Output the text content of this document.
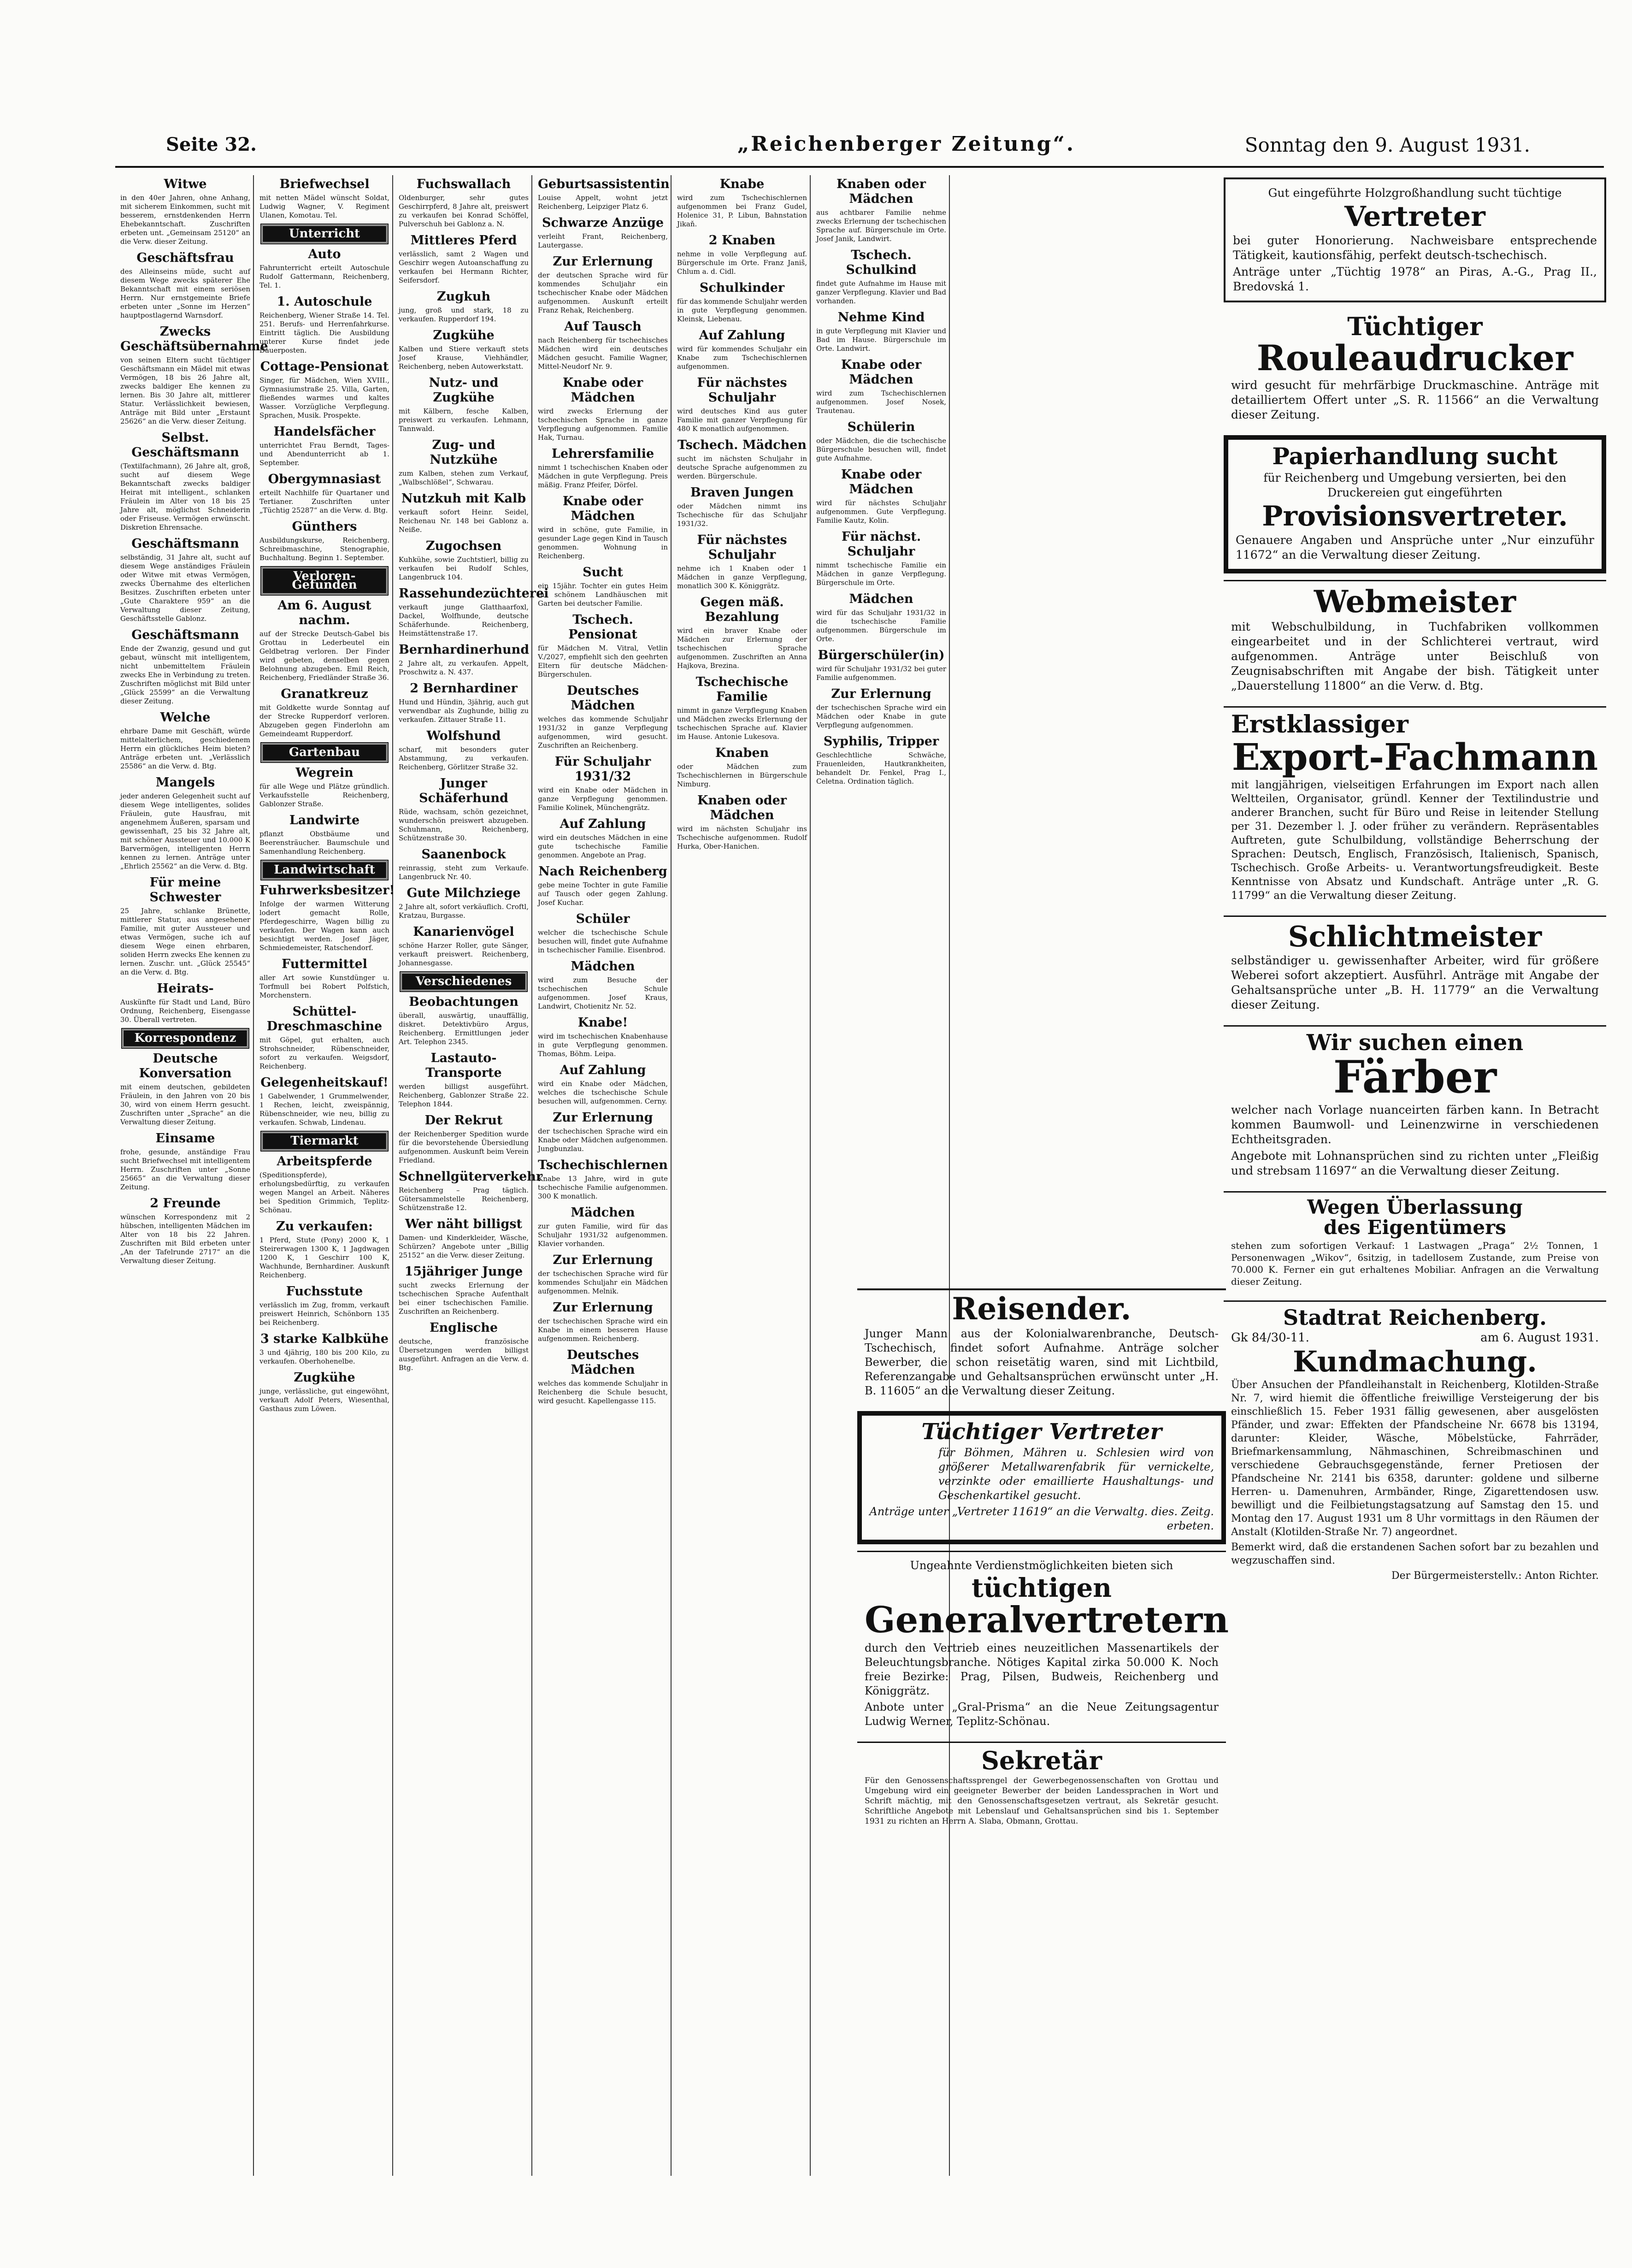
Seite 32.	„Reichenberger Zeitung“.	Sonntag den 9. August 1931.
Witwe
in den 40er Jahren, ohne Anhang, mit sicherem Einkommen, sucht mit besserem, ernstdenkenden Herrn Ehebekanntschaft. Zuschriften erbeten unt. „Gemeinsam 25120“ an die Verw. dieser Zeitung.
Geschäftsfrau
des Alleinseins müde, sucht auf diesem Wege zwecks späterer Ehe Bekanntschaft mit einem seriösen Herrn. Nur ernstgemeinte Briefe erbeten unter „Sonne im Herzen“ hauptpostlagernd Warnsdorf.
Zwecks Geschäftsübernahme
von seinen Eltern sucht tüchtiger Geschäftsmann ein Mädel mit etwas Vermögen, 18 bis 26 Jahre alt, zwecks baldiger Ehe kennen zu lernen. Bis 30 Jahre alt, mittlerer Statur. Verlässlichkeit bewiesen, Anträge mit Bild unter „Erstaunt 25626“ an die Verw. dieser Zeitung.
Selbst. Geschäftsmann
(Textilfachmann), 26 Jahre alt, groß, sucht auf diesem Wege Bekanntschaft zwecks baldiger Heirat mit intelligent., schlanken Fräulein im Alter von 18 bis 25 Jahre alt, möglichst Schneiderin oder Friseuse. Vermögen erwünscht. Diskretion Ehrensache.
Geschäftsmann
selbständig, 31 Jahre alt, sucht auf diesem Wege anständiges Fräulein oder Witwe mit etwas Vermögen, zwecks Übernahme des elterlichen Besitzes. Zuschriften erbeten unter „Gute Charaktere 959“ an die Verwaltung dieser Zeitung, Geschäftsstelle Gablonz.
Geschäftsmann
Ende der Zwanzig, gesund und gut gebaut, wünscht mit intelligentem, nicht unbemitteltem Fräulein zwecks Ehe in Verbindung zu treten. Zuschriften möglichst mit Bild unter „Glück 25599“ an die Verwaltung dieser Zeitung.
Welche
ehrbare Dame mit Geschäft, würde mittelalterlichem, geschiedenem Herrn ein glückliches Heim bieten? Anträge erbeten unt. „Verlässlich 25586“ an die Verw. d. Btg.
Mangels
jeder anderen Gelegenheit sucht auf diesem Wege intelligentes, solides Fräulein, gute Hausfrau, mit angenehmem Äußeren, sparsam und gewissenhaft, 25 bis 32 Jahre alt, mit schöner Aussteuer und 10.000 K Barvermögen, intelligenten Herrn kennen zu lernen. Anträge unter „Ehrlich 25562“ an die Verw. d. Btg.
Für meine Schwester
25 Jahre, schlanke Brünette, mittlerer Statur, aus angesehener Familie, mit guter Aussteuer und etwas Vermögen, suche ich auf diesem Wege einen ehrbaren, soliden Herrn zwecks Ehe kennen zu lernen. Zuschr. unt. „Glück 25545“ an die Verw. d. Btg.
Heirats-
Auskünfte für Stadt und Land, Büro Ordnung, Reichenberg, Eisengasse 30. Überall vertreten.
Korrespondenz
Deutsche Konversation
mit einem deutschen, gebildeten Fräulein, in den Jahren von 20 bis 30, wird von einem Herrn gesucht. Zuschriften unter „Sprache“ an die Verwaltung dieser Zeitung.
Einsame
frohe, gesunde, anständige Frau sucht Briefwechsel mit intelligentem Herrn. Zuschriften unter „Sonne 25665“ an die Verwaltung dieser Zeitung.
2 Freunde
wünschen Korrespondenz mit 2 hübschen, intelligenten Mädchen im Alter von 18 bis 22 Jahren. Zuschriften mit Bild erbeten unter „An der Tafelrunde 2717“ an die Verwaltung dieser Zeitung.
Briefwechsel
mit netten Mädel wünscht Soldat, Ludwig Wagner, V. Regiment Ulanen, Komotau. Tel.
Unterricht
Auto
Fahrunterricht erteilt Autoschule Rudolf Gattermann, Reichenberg, Tel. 1.
1. Autoschule
Reichenberg, Wiener Straße 14. Tel. 251. Berufs- und Herrenfahrkurse. Eintritt täglich. Die Ausbildung unterer Kurse findet jede Dauerposten.
Cottage-Pensionat
Singer, für Mädchen, Wien XVIII., Gymnasiumstraße 25. Villa, Garten, fließendes warmes und kaltes Wasser. Vorzügliche Verpflegung. Sprachen, Musik. Prospekte.
Handelsfächer
unterrichtet Frau Berndt, Tages- und Abendunterricht ab 1. September.
Obergymnasiast
erteilt Nachhilfe für Quartaner und Tertianer. Zuschriften unter „Tüchtig 25287“ an die Verw. d. Btg.
Günthers
Ausbildungskurse, Reichenberg. Schreibmaschine, Stenographie, Buchhaltung. Beginn 1. September.
Verloren-Gefunden
Am 6. August nachm.
auf der Strecke Deutsch-Gabel bis Grottau in Lederbeutel ein Geldbetrag verloren. Der Finder wird gebeten, denselben gegen Belohnung abzugeben. Emil Reich, Reichenberg, Friedländer Straße 36.
Granatkreuz
mit Goldkette wurde Sonntag auf der Strecke Rupperdorf verloren. Abzugeben gegen Finderlohn am Gemeindeamt Rupperdorf.
Gartenbau
Wegrein
für alle Wege und Plätze gründlich. Verkaufsstelle Reichenberg, Gablonzer Straße.
Landwirte
pflanzt Obstbäume und Beerensträucher. Baumschule und Samenhandlung Reichenberg.
Landwirtschaft
Fuhrwerksbesitzer!
Infolge der warmen Witterung lodert gemacht Rolle, Pferdegeschirre, Wagen billig zu verkaufen. Der Wagen kann auch besichtigt werden. Josef Jäger, Schmiedemeister, Ratschendorf.
Futtermittel
aller Art sowie Kunstdünger u. Torfmull bei Robert Polfstich, Morchenstern.
Schüttel-Dreschmaschine
mit Göpel, gut erhalten, auch Strohschneider, Rübenschneider, sofort zu verkaufen. Weigsdorf, Reichenberg.
Gelegenheitskauf!
1 Gabelwender, 1 Grummelwender, 1 Rechen, leicht, zweispännig, Rübenschneider, wie neu, billig zu verkaufen. Schwab, Lindenau.
Tiermarkt
Arbeitspferde
(Speditionspferde), erholungsbedürftig, zu verkaufen wegen Mangel an Arbeit. Näheres bei Spedition Grimmich, Teplitz-Schönau.
Zu verkaufen:
1 Pferd, Stute (Pony) 2000 K, 1 Steirerwagen 1300 K, 1 Jagdwagen 1200 K, 1 Geschirr 100 K, Wachhunde, Bernhardiner. Auskunft Reichenberg.
Fuchsstute
verlässlich im Zug, fromm, verkauft preiswert Heinrich, Schönborn 135 bei Reichenberg.
3 starke Kalbkühe
3 und 4jährig, 180 bis 200 Kilo, zu verkaufen. Oberhohenelbe.
Zugkühe
junge, verlässliche, gut eingewöhnt, verkauft Adolf Peters, Wiesenthal, Gasthaus zum Löwen.
Fuchswallach
Oldenburger, sehr gutes Geschirrpferd, 8 Jahre alt, preiswert zu verkaufen bei Konrad Schöffel, Pulverschuh bei Gablonz a. N.
Mittleres Pferd
verlässlich, samt 2 Wagen und Geschirr wegen Autoanschaffung zu verkaufen bei Hermann Richter, Seifersdorf.
Zugkuh
jung, groß und stark, 18 zu verkaufen. Rupperdorf 194.
Zugkühe
Kalben und Stiere verkauft stets Josef Krause, Viehhändler, Reichenberg, neben Autowerkstatt.
Nutz- und Zugkühe
mit Kälbern, fesche Kalben, preiswert zu verkaufen. Lehmann, Tannwald.
Zug- und Nutzkühe
zum Kalben, stehen zum Verkauf, „Walbschlößel“, Schwarau.
Nutzkuh mit Kalb
verkauft sofort Heinr. Seidel, Reichenau Nr. 148 bei Gablonz a. Neiße.
Zugochsen
Kuhkühe, sowie Zuchtstierl, billig zu verkaufen bei Rudolf Schles, Langenbruck 104.
Rassehundezüchterei
verkauft junge Glatthaarfoxl, Dackel, Wolfhunde, deutsche Schäferhunde. Reichenberg, Heimstättenstraße 17.
Bernhardinerhund
2 Jahre alt, zu verkaufen. Appelt, Proschwitz a. N. 437.
2 Bernhardiner
Hund und Hündin, 3jährig, auch gut verwendbar als Zughunde, billig zu verkaufen. Zittauer Straße 11.
Wolfshund
scharf, mit besonders guter Abstammung, zu verkaufen. Reichenberg, Görlitzer Straße 32.
Junger Schäferhund
Rüde, wachsam, schön gezeichnet, wunderschön preiswert abzugeben. Schuhmann, Reichenberg, Schützenstraße 30.
Saanenbock
reinrassig, steht zum Verkaufe. Langenbruck Nr. 40.
Gute Milchziege
2 Jahre alt, sofort verkäuflich. Croftl, Kratzau, Burgasse.
Kanarienvögel
schöne Harzer Roller, gute Sänger, verkauft preiswert. Reichenberg, Johannesgasse.
Verschiedenes
Beobachtungen
überall, auswärtig, unauffällig, diskret. Detektivbüro Argus, Reichenberg. Ermittlungen jeder Art. Telephon 2345.
Lastauto-Transporte
werden billigst ausgeführt. Reichenberg, Gablonzer Straße 22. Telephon 1844.
Der Rekrut
der Reichenberger Spedition wurde für die bevorstehende Übersiedlung aufgenommen. Auskunft beim Verein Friedland.
Schnellgüterverkehr
Reichenberg – Prag täglich. Gütersammelstelle Reichenberg, Schützenstraße 12.
Wer näht billigst
Damen- und Kinderkleider, Wäsche, Schürzen? Angebote unter „Billig 25152“ an die Verw. dieser Zeitung.
15jähriger Junge
sucht zwecks Erlernung der tschechischen Sprache Aufenthalt bei einer tschechischen Familie. Zuschriften an Reichenberg.
Englische
deutsche, französische Übersetzungen werden billigst ausgeführt. Anfragen an die Verw. d. Btg.
Geburtsassistentin
Louise Appelt, wohnt jetzt Reichenberg, Leipziger Platz 6.
Schwarze Anzüge
verleiht Frant, Reichenberg, Lautergasse.
Zur Erlernung
der deutschen Sprache wird für kommendes Schuljahr ein tschechischer Knabe oder Mädchen aufgenommen. Auskunft erteilt Franz Rehak, Reichenberg.
Auf Tausch
nach Reichenberg für tschechisches Mädchen wird ein deutsches Mädchen gesucht. Familie Wagner, Mittel-Neudorf Nr. 9.
Knabe oder Mädchen
wird zwecks Erlernung der tschechischen Sprache in ganze Verpflegung aufgenommen. Familie Hak, Turnau.
Lehrersfamilie
nimmt 1 tschechischen Knaben oder Mädchen in gute Verpflegung. Preis mäßig. Franz Pfeifer, Dörfel.
Knabe oder Mädchen
wird in schöne, gute Familie, in gesunder Lage gegen Kind in Tausch genommen. Wohnung in Reichenberg.
Sucht
ein 15jähr. Tochter ein gutes Heim in schönem Landhäuschen mit Garten bei deutscher Familie.
Tschech. Pensionat
für Mädchen M. Vitral, Vetlin V./2027, empfiehlt sich den geehrten Eltern für deutsche Mädchen-Bürgerschulen.
Deutsches Mädchen
welches das kommende Schuljahr 1931/32 in ganze Verpflegung aufgenommen, wird gesucht. Zuschriften an Reichenberg.
Für Schuljahr 1931/32
wird ein Knabe oder Mädchen in ganze Verpflegung genommen. Familie Kolinek, Münchengrätz.
Auf Zahlung
wird ein deutsches Mädchen in eine gute tschechische Familie genommen. Angebote an Prag.
Nach Reichenberg
gebe meine Tochter in gute Familie auf Tausch oder gegen Zahlung. Josef Kuchar.
Schüler
welcher die tschechische Schule besuchen will, findet gute Aufnahme in tschechischer Familie. Eisenbrod.
Mädchen
wird zum Besuche der tschechischen Schule aufgenommen. Josef Kraus, Landwirt, Chotienitz Nr. 52.
Knabe!
wird im tschechischen Knabenhause in gute Verpflegung genommen. Thomas, Böhm. Leipa.
Auf Zahlung
wird ein Knabe oder Mädchen, welches die tschechische Schule besuchen will, aufgenommen. Cerny.
Zur Erlernung
der tschechischen Sprache wird ein Knabe oder Mädchen aufgenommen. Jungbunzlau.
Tschechischlernen
Knabe 13 Jahre, wird in gute tschechische Familie aufgenommen. 300 K monatlich.
Mädchen
zur guten Familie, wird für das Schuljahr 1931/32 aufgenommen. Klavier vorhanden.
Zur Erlernung
der tschechischen Sprache wird für kommendes Schuljahr ein Mädchen aufgenommen. Melnik.
Zur Erlernung
der tschechischen Sprache wird ein Knabe in einem besseren Hause aufgenommen. Reichenberg.
Deutsches Mädchen
welches das kommende Schuljahr in Reichenberg die Schule besucht, wird gesucht. Kapellengasse 115.
Knabe
wird zum Tschechischlernen aufgenommen bei Franz Gudel, Holenice 31, P. Libun, Bahnstation Jikaň.
2 Knaben
nehme in volle Verpflegung auf. Bürgerschule im Orte. Franz Janiš, Chlum a. d. Cidl.
Schulkinder
für das kommende Schuljahr werden in gute Verpflegung genommen. Kleinsk, Liebenau.
Auf Zahlung
wird für kommendes Schuljahr ein Knabe zum Tschechischlernen aufgenommen.
Für nächstes Schuljahr
wird deutsches Kind aus guter Familie mit ganzer Verpflegung für 480 K monatlich aufgenommen.
Tschech. Mädchen
sucht im nächsten Schuljahr in deutsche Sprache aufgenommen zu werden. Bürgerschule.
Braven Jungen
oder Mädchen nimmt ins Tschechische für das Schuljahr 1931/32.
Für nächstes Schuljahr
nehme ich 1 Knaben oder 1 Mädchen in ganze Verpflegung, monatlich 300 K. Königgrätz.
Gegen mäß. Bezahlung
wird ein braver Knabe oder Mädchen zur Erlernung der tschechischen Sprache aufgenommen. Zuschriften an Anna Hajkova, Brezina.
Tschechische Familie
nimmt in ganze Verpflegung Knaben und Mädchen zwecks Erlernung der tschechischen Sprache auf. Klavier im Hause. Antonie Lukesova.
Knaben
oder Mädchen zum Tschechischlernen in Bürgerschule Nimburg.
Knaben oder Mädchen
wird im nächsten Schuljahr ins Tschechische aufgenommen. Rudolf Hurka, Ober-Hanichen.
Knaben oder Mädchen
aus achtbarer Familie nehme zwecks Erlernung der tschechischen Sprache auf. Bürgerschule im Orte. Josef Janik, Landwirt.
Tschech. Schulkind
findet gute Aufnahme im Hause mit ganzer Verpflegung. Klavier und Bad vorhanden.
Nehme Kind
in gute Verpflegung mit Klavier und Bad im Hause. Bürgerschule im Orte. Landwirt.
Knabe oder Mädchen
wird zum Tschechischlernen aufgenommen. Josef Nosek, Trautenau.
Schülerin
oder Mädchen, die die tschechische Bürgerschule besuchen will, findet gute Aufnahme.
Knabe oder Mädchen
wird für nächstes Schuljahr aufgenommen. Gute Verpflegung. Familie Kautz, Kolin.
Für nächst. Schuljahr
nimmt tschechische Familie ein Mädchen in ganze Verpflegung. Bürgerschule im Orte.
Mädchen
wird für das Schuljahr 1931/32 in die tschechische Familie aufgenommen. Bürgerschule im Orte.
Bürgerschüler(in)
wird für Schuljahr 1931/32 bei guter Familie aufgenommen.
Zur Erlernung
der tschechischen Sprache wird ein Mädchen oder Knabe in gute Verpflegung aufgenommen.
Syphilis, Tripper
Geschlechtliche Schwäche, Frauenleiden, Hautkrankheiten, behandelt Dr. Fenkel, Prag I., Celetna. Ordination täglich.
Reisender.

Junger Mann aus der Kolonialwarenbranche, Deutsch-Tschechisch, findet sofort Aufnahme. Anträge solcher Bewerber, die schon reisetätig waren, sind mit Lichtbild, Referenzangabe und Gehaltsansprüchen erwünscht unter „H. B. 11605“ an die Verwaltung dieser Zeitung.

Tüchtiger Vertreter

für Böhmen, Mähren u. Schlesien wird von größerer Metallwarenfabrik für vernickelte, verzinkte oder emaillierte Haushaltungs- und Geschenkartikel gesucht.

Anträge unter „Vertreter 11619“ an die Verwaltg. dies. Zeitg. erbeten.

Ungeahnte Verdienstmöglichkeiten bieten sich

tüchtigen
Generalvertretern

durch den Vertrieb eines neuzeitlichen Massenartikels der Beleuchtungsbranche. Nötiges Kapital zirka 50.000 K. Noch freie Bezirke: Prag, Pilsen, Budweis, Reichenberg und Königgrätz.

Anbote unter „Gral-Prisma“ an die Neue Zeitungsagentur Ludwig Werner, Teplitz-Schönau.

Sekretär

Für den Genossenschaftssprengel der Gewerbegenossenschaften von Grottau und Umgebung wird ein geeigneter Bewerber der beiden Landessprachen in Wort und Schrift mächtig, mit den Genossenschaftsgesetzen vertraut, als Sekretär gesucht. Schriftliche Angebote mit Lebenslauf und Gehaltsansprüchen sind bis 1. September 1931 zu richten an Herrn A. Slaba, Obmann, Grottau.

Gut eingeführte Holzgroßhandlung sucht tüchtige

Vertreter

bei guter Honorierung. Nachweisbare entsprechende Tätigkeit, kautionsfähig, perfekt deutsch-tschechisch.

Anträge unter „Tüchtig 1978“ an Piras, A.-G., Prag II., Bredovská 1.

Tüchtiger
Rouleaudrucker

wird gesucht für mehrfärbige Druckmaschine. Anträge mit detailliertem Offert unter „S. R. 11566“ an die Verwaltung dieser Zeitung.

Papierhandlung sucht

für Reichenberg und Umgebung versierten, bei den Druckereien gut eingeführten

Provisionsvertreter.

Genauere Angaben und Ansprüche unter „Nur einzuführ 11672“ an die Verwaltung dieser Zeitung.

Webmeister

mit Webschulbildung, in Tuchfabriken vollkommen eingearbeitet und in der Schlichterei vertraut, wird aufgenommen. Anträge unter Beischluß von Zeugnisabschriften mit Angabe der bish. Tätigkeit unter „Dauerstellung 11800“ an die Verw. d. Btg.

Erstklassiger
Export-Fachmann

mit langjährigen, vielseitigen Erfahrungen im Export nach allen Weltteilen, Organisator, gründl. Kenner der Textilindustrie und anderer Branchen, sucht für Büro und Reise in leitender Stellung per 31. Dezember l. J. oder früher zu verändern. Repräsentables Auftreten, gute Schulbildung, vollständige Beherrschung der Sprachen: Deutsch, Englisch, Französisch, Italienisch, Spanisch, Tschechisch. Große Arbeits- u. Verantwortungsfreudigkeit. Beste Kenntnisse von Absatz und Kundschaft. Anträge unter „R. G. 11799“ an die Verwaltung dieser Zeitung.

Schlichtmeister

selbständiger u. gewissenhafter Arbeiter, wird für größere Weberei sofort akzeptiert. Ausführl. Anträge mit Angabe der Gehaltsansprüche unter „B. H. 11779“ an die Verwaltung dieser Zeitung.

Wir suchen einen
Färber

welcher nach Vorlage nuanceirten färben kann. In Betracht kommen Baumwoll- und Leinenzwirne in verschiedenen Echtheitsgraden.

Angebote mit Lohnansprüchen sind zu richten unter „Fleißig und strebsam 11697“ an die Verwaltung dieser Zeitung.

Wegen Überlassung
des Eigentümers

stehen zum sofortigen Verkauf: 1 Lastwagen „Praga“ 2½ Tonnen, 1 Personenwagen „Wikov“, 6sitzig, in tadellosem Zustande, zum Preise von 70.000 K. Ferner ein gut erhaltenes Mobiliar. Anfragen an die Verwaltung dieser Zeitung.

Stadtrat Reichenberg.
Gk 84/30-11.	am 6. August 1931.
Kundmachung.

Über Ansuchen der Pfandleihanstalt in Reichenberg, Klotilden-Straße Nr. 7, wird hiemit die öffentliche freiwillige Versteigerung der bis einschließlich 15. Feber 1931 fällig gewesenen, aber ausgelösten Pfänder, und zwar: Effekten der Pfandscheine Nr. 6678 bis 13194, darunter: Kleider, Wäsche, Möbelstücke, Fahrräder, Briefmarkensammlung, Nähmaschinen, Schreibmaschinen und verschiedene Gebrauchsgegenstände, ferner Pretiosen der Pfandscheine Nr. 2141 bis 6358, darunter: goldene und silberne Herren- u. Damenuhren, Armbänder, Ringe, Zigarettendosen usw. bewilligt und die Feilbietungstagsatzung auf Samstag den 15. und Montag den 17. August 1931 um 8 Uhr vormittags in den Räumen der Anstalt (Klotilden-Straße Nr. 7) angeordnet.

Bemerkt wird, daß die erstandenen Sachen sofort bar zu bezahlen und wegzuschaffen sind.

Der Bürgermeisterstellv.: Anton Richter.
